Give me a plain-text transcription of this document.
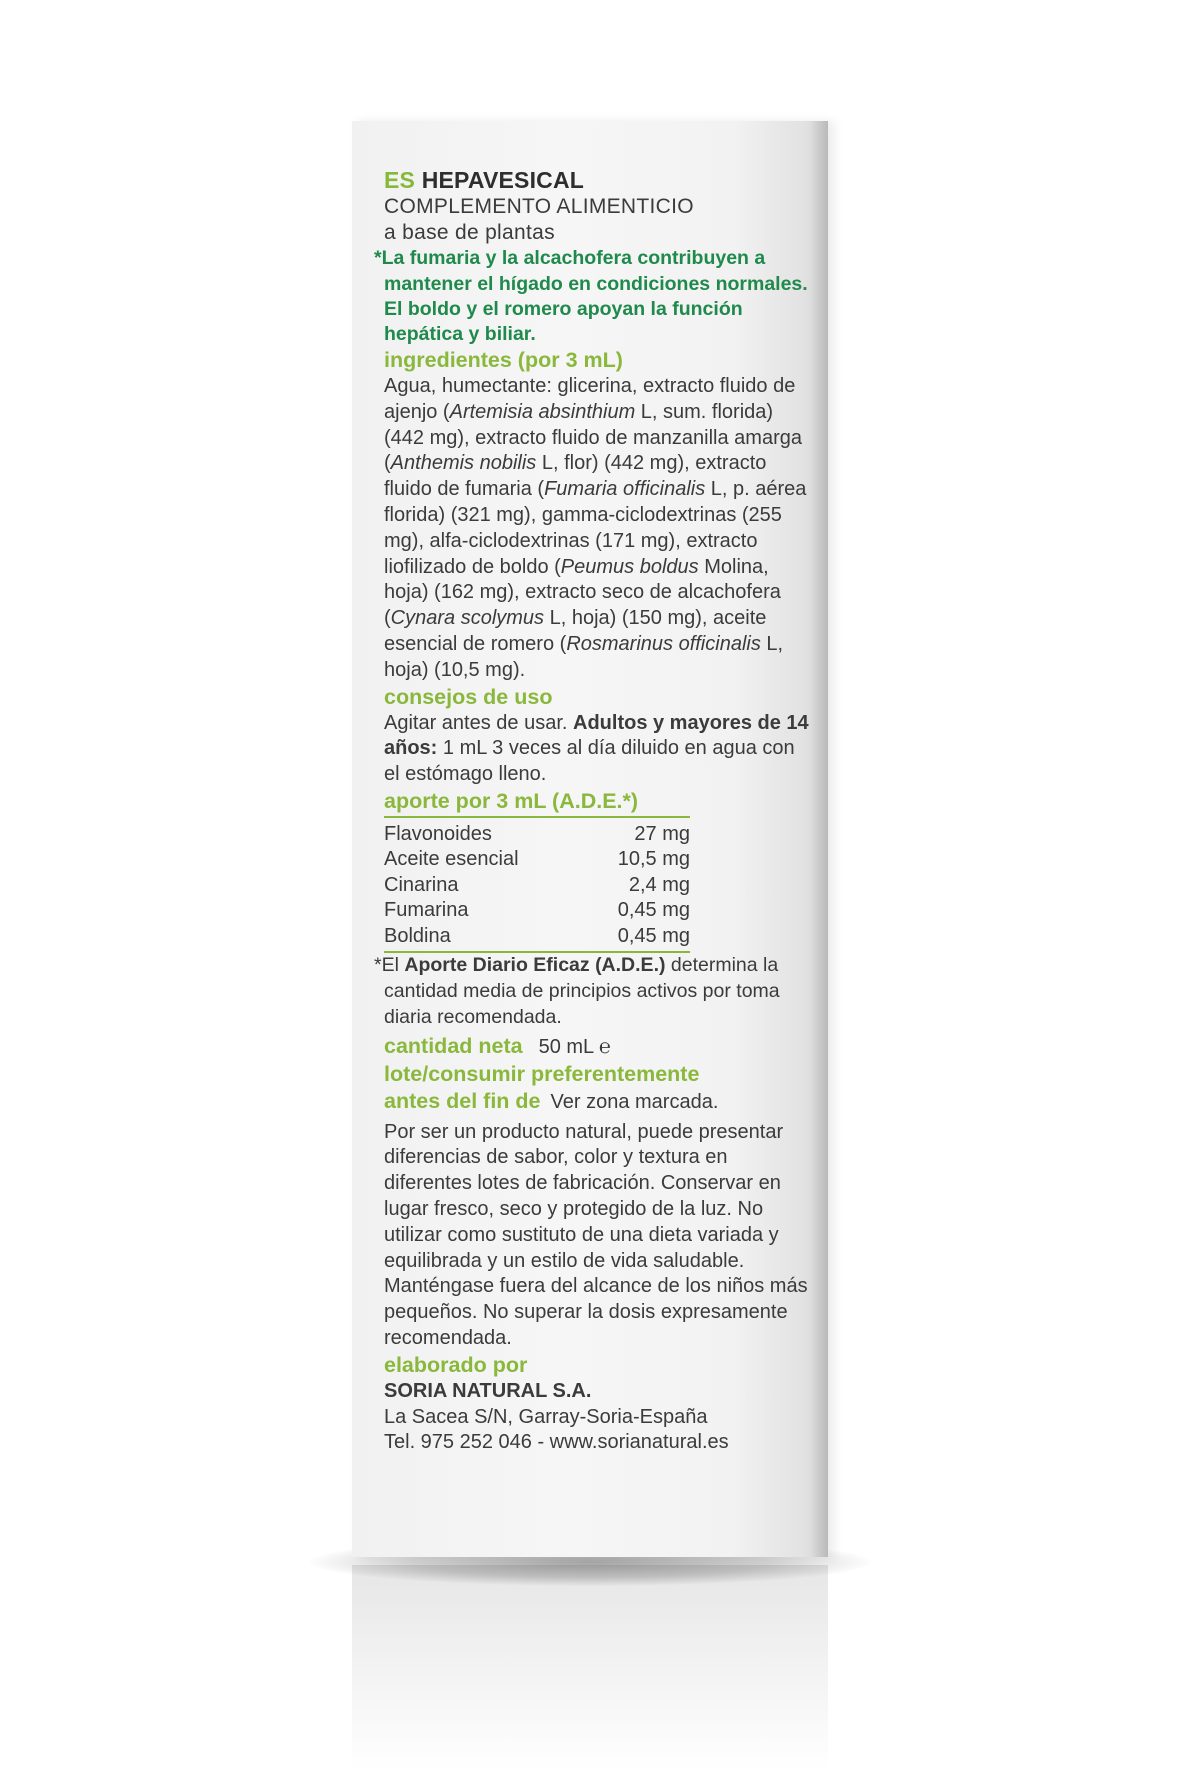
ES HEPAVESICAL

COMPLEMENTO ALIMENTICIO

a base de plantas

*La fumaria y la alcachofera contribuyen a mantener el hígado en condiciones normales.

El boldo y el romero apoyan la función hepática y biliar.

ingredientes (por 3 mL)

Agua, humectante: glicerina, extracto fluido de ajenjo (Artemisia absinthium L, sum. florida) (442 mg), extracto fluido de manzanilla amarga (Anthemis nobilis L, flor) (442 mg), extracto fluido de fumaria (Fumaria officinalis L, p. aérea florida) (321 mg), gamma-ciclodextrinas (255 mg), alfa-ciclodextrinas (171 mg), extracto liofilizado de boldo (Peumus boldus Molina, hoja) (162 mg), extracto seco de alcachofera (Cynara scolymus L, hoja) (150 mg), aceite esencial de romero (Rosmarinus officinalis L, hoja) (10,5 mg).

consejos de uso

Agitar antes de usar. Adultos y mayores de 14 años: 1 mL 3 veces al día diluido en agua con el estómago lleno.

aporte por 3 mL (A.D.E.*)

Flavonoides	27 mg
Aceite esencial	10,5 mg
Cinarina	2,4 mg
Fumarina	0,45 mg
Boldina	0,45 mg

*El Aporte Diario Eficaz (A.D.E.) determina la cantidad media de principios activos por toma diaria recomendada.

cantidad neta 50 mL ℮

lote/consumir preferentemente

antes del fin de Ver zona marcada.

Por ser un producto natural, puede presentar diferencias de sabor, color y textura en diferentes lotes de fabricación. Conservar en lugar fresco, seco y protegido de la luz. No utilizar como sustituto de una dieta variada y equilibrada y un estilo de vida saludable. Manténgase fuera del alcance de los niños más pequeños. No superar la dosis expresamente recomendada.

elaborado por

SORIA NATURAL S.A.

La Sacea S/N, Garray-Soria-España

Tel. 975 252 046 - www.sorianatural.es
